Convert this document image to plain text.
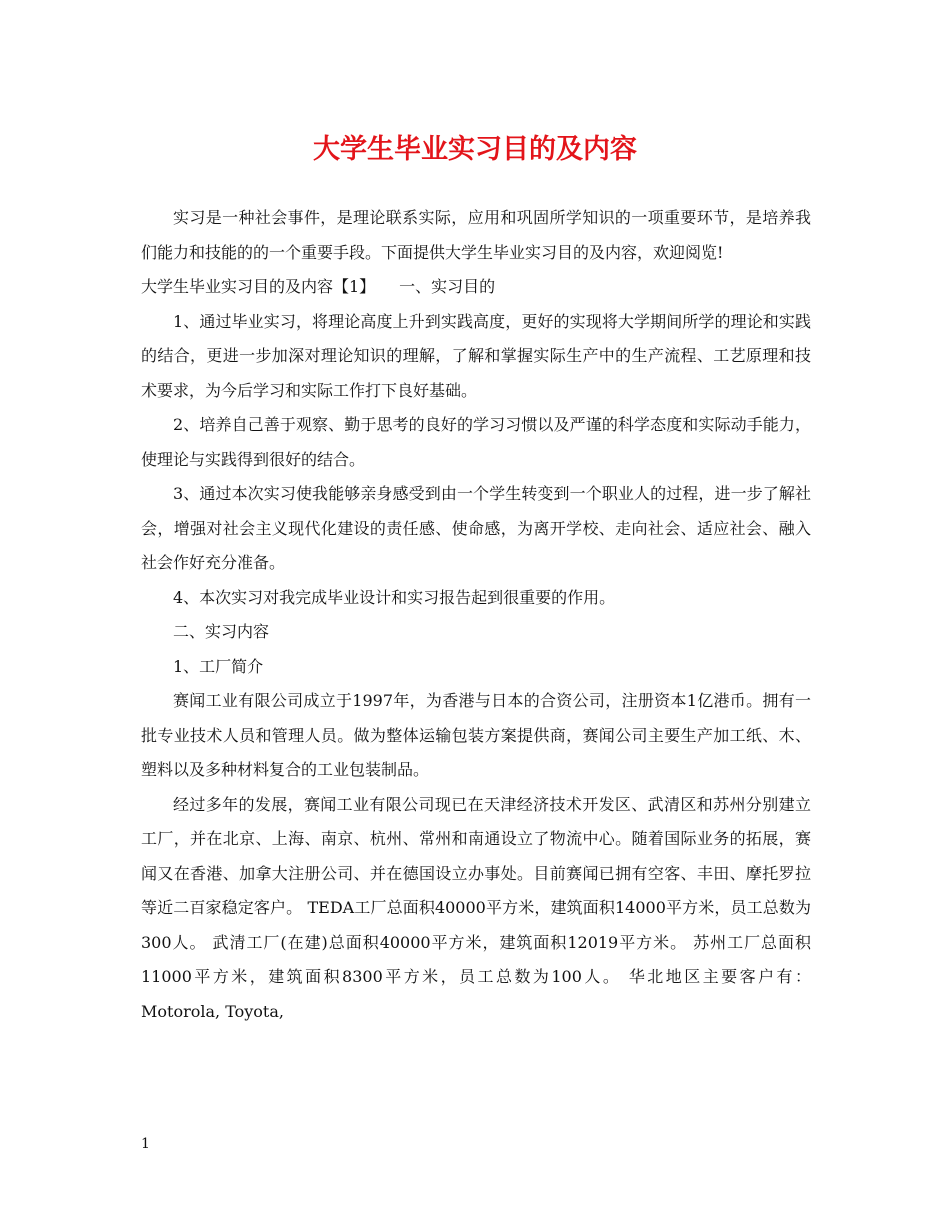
大学生毕业实习目的及内容

实习是一种社会事件，是理论联系实际，应用和巩固所学知识的一项重要环节，是培养我们能力和技能的的一个重要手段。下面提供大学生毕业实习目的及内容，欢迎阅览!

大学生毕业实习目的及内容【1】　　一、实习目的

1、通过毕业实习，将理论高度上升到实践高度，更好的实现将大学期间所学的理论和实践的结合，更进一步加深对理论知识的理解，了解和掌握实际生产中的生产流程、工艺原理和技术要求，为今后学习和实际工作打下良好基础。

2、培养自己善于观察、勤于思考的良好的学习习惯以及严谨的科学态度和实际动手能力，使理论与实践得到很好的结合。

3、通过本次实习使我能够亲身感受到由一个学生转变到一个职业人的过程，进一步了解社会，增强对社会主义现代化建设的责任感、使命感，为离开学校、走向社会、适应社会、融入社会作好充分准备。

4、本次实习对我完成毕业设计和实习报告起到很重要的作用。

二、实习内容

1、工厂简介

赛闻工业有限公司成立于1997年，为香港与日本的合资公司，注册资本1亿港币。拥有一批专业技术人员和管理人员。做为整体运输包装方案提供商，赛闻公司主要生产加工纸、木、塑料以及多种材料复合的工业包装制品。

经过多年的发展，赛闻工业有限公司现已在天津经济技术开发区、武清区和苏州分别建立工厂，并在北京、上海、南京、杭州、常州和南通设立了物流中心。随着国际业务的拓展，赛闻又在香港、加拿大注册公司、并在德国设立办事处。目前赛闻已拥有空客、丰田、摩托罗拉等近二百家稳定客户。 TEDA工厂总面积40000平方米，建筑面积14000平方米，员工总数为300人。 武清工厂(在建)总面积40000平方米，建筑面积12019平方米。 苏州工厂总面积11000平方米，建筑面积8300平方米，员工总数为100人。 华北地区主要客户有：Motorola, Toyota,

1
